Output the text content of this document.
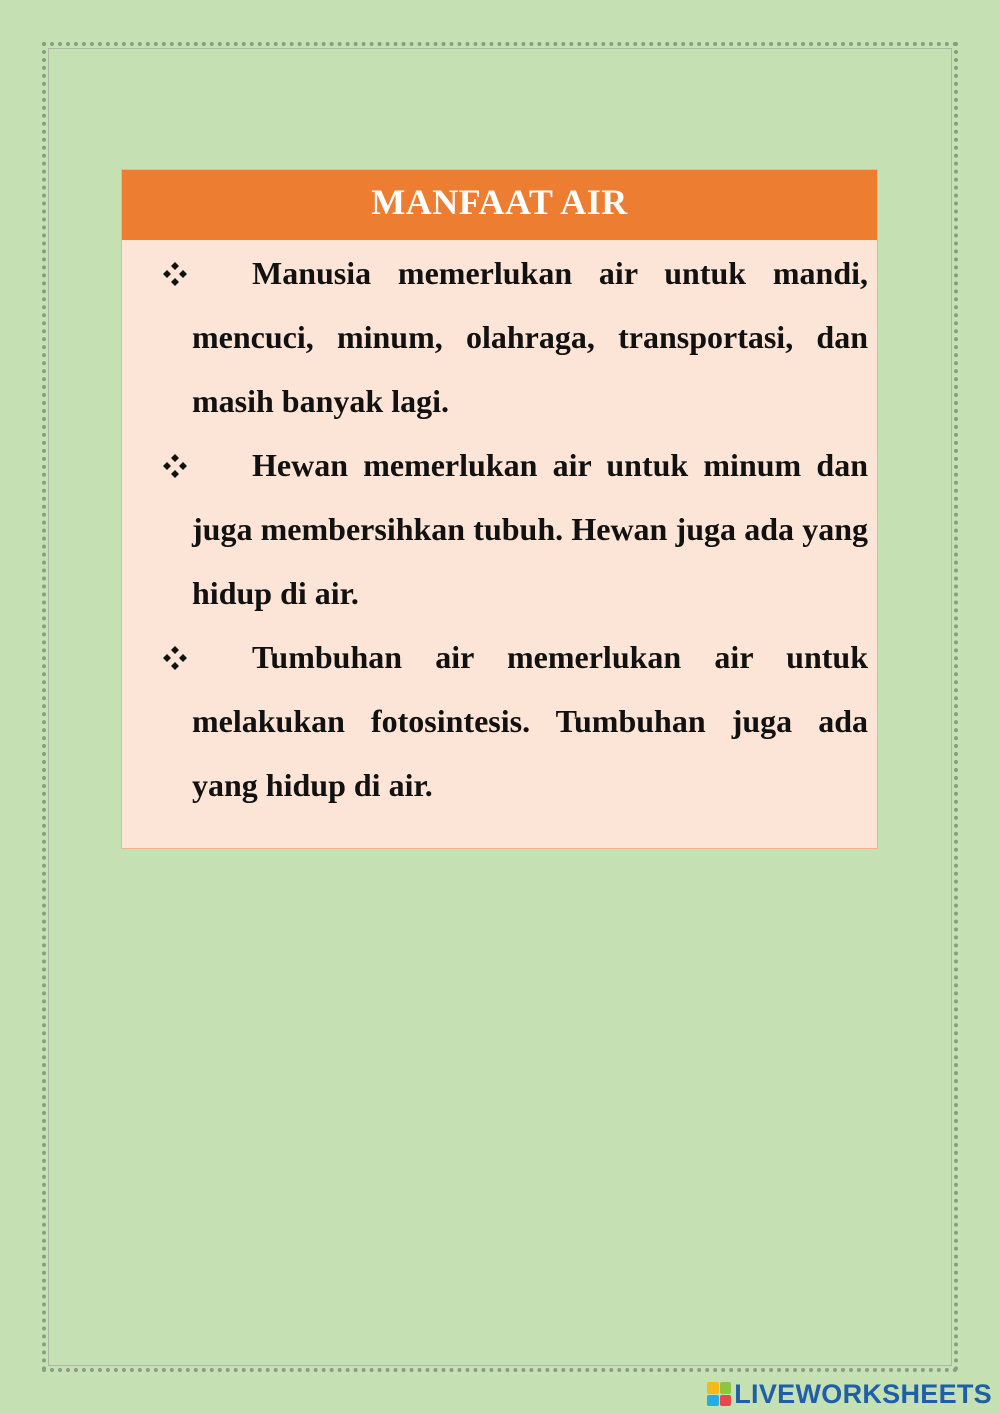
MANFAAT AIR
Manusia memerlukan air untuk mandi, mencuci, minum, olahraga, transportasi, dan masih banyak lagi.
Hewan memerlukan air untuk minum dan juga membersihkan tubuh. Hewan juga ada yang hidup di air.
Tumbuhan air memerlukan air untuk melakukan fotosintesis. Tumbuhan juga ada yang hidup di air.
LIVEWORKSHEETS
